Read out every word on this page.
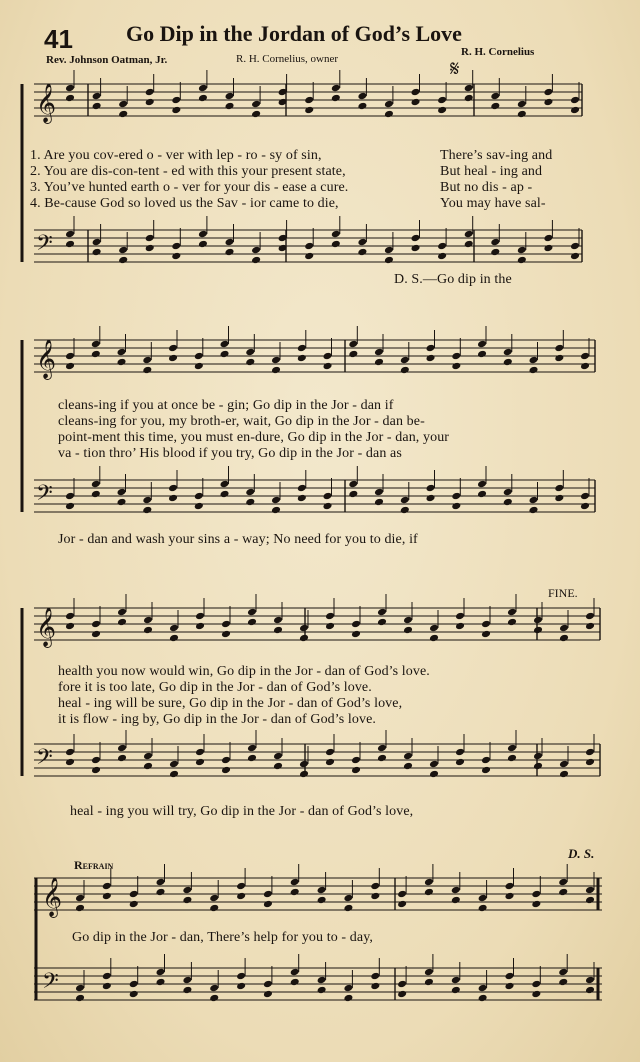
41 Go Dip in the Jordan of God’s Love
Rev. Johnson Oatman, Jr.	R. H. Cornelius, owner
R. H. Cornelius
𝄋
𝄞
𝄢
𝄞
𝄢
𝄞
𝄢
𝄞
𝄢
1. Are you cov-ered o - ver with lep - ro - sy of sin,
2. You are dis-con-tent - ed with this your present state,
3. You’ve hunted earth o - ver for your dis - ease a cure.
4. Be-cause God so loved us the Sav - ior came to die,
There’s sav-ing and
But heal - ing and
But no dis - ap -
You may have sal-
D. S.—Go dip in the
cleans-ing if you at once be - gin; Go dip in the Jor - dan if
cleans-ing for you, my broth-er, wait, Go dip in the Jor - dan be-
point-ment this time, you must en-dure, Go dip in the Jor - dan, your
va - tion thro’ His blood if you try, Go dip in the Jor - dan as
Jor - dan and wash your sins a - way; No need for you to die, if
FINE.
health you now would win, Go dip in the Jor - dan of God’s love.
fore it is too late, Go dip in the Jor - dan of God’s love.
heal - ing will be sure, Go dip in the Jor - dan of God’s love,
it is flow - ing by, Go dip in the Jor - dan of God’s love.
heal - ing you will try, Go dip in the Jor - dan of God’s love,
Refrain
D. S.
Go dip in the Jor - dan, There’s help for you to - day,
